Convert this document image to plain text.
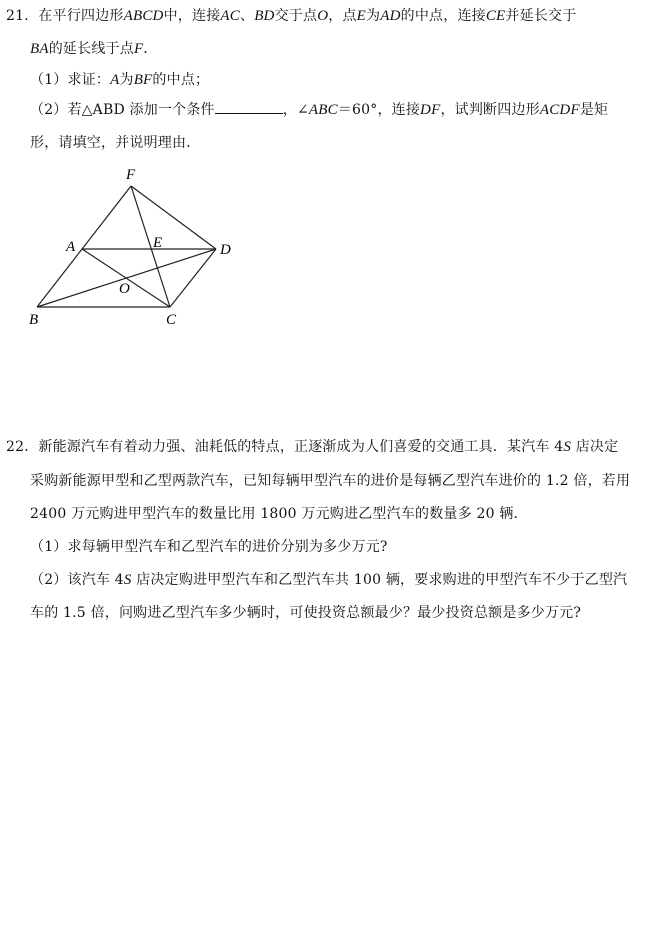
21．在平行四边形ABCD中，连接AC、BD交于点O，点E为AD的中点，连接CE并延长交于
BA的延长线于点F．
（1）求证：A为BF的中点；
（2）若△ABD 添加一个条件	，∠ABC＝60°，连接DF，试判断四边形ACDF是矩
形，请填空，并说明理由．
F
A	E	D
O
B	C
22．新能源汽车有着动力强、油耗低的特点，正逐渐成为人们喜爱的交通工具．某汽车 4S 店决定
采购新能源甲型和乙型两款汽车，已知每辆甲型汽车的进价是每辆乙型汽车进价的 1.2 倍，若用
2400 万元购进甲型汽车的数量比用 1800 万元购进乙型汽车的数量多 20 辆．
（1）求每辆甲型汽车和乙型汽车的进价分别为多少万元?
（2）该汽车 4S 店决定购进甲型汽车和乙型汽车共 100 辆，要求购进的甲型汽车不少于乙型汽
车的 1.5 倍，问购进乙型汽车多少辆时，可使投资总额最少？最少投资总额是多少万元?
